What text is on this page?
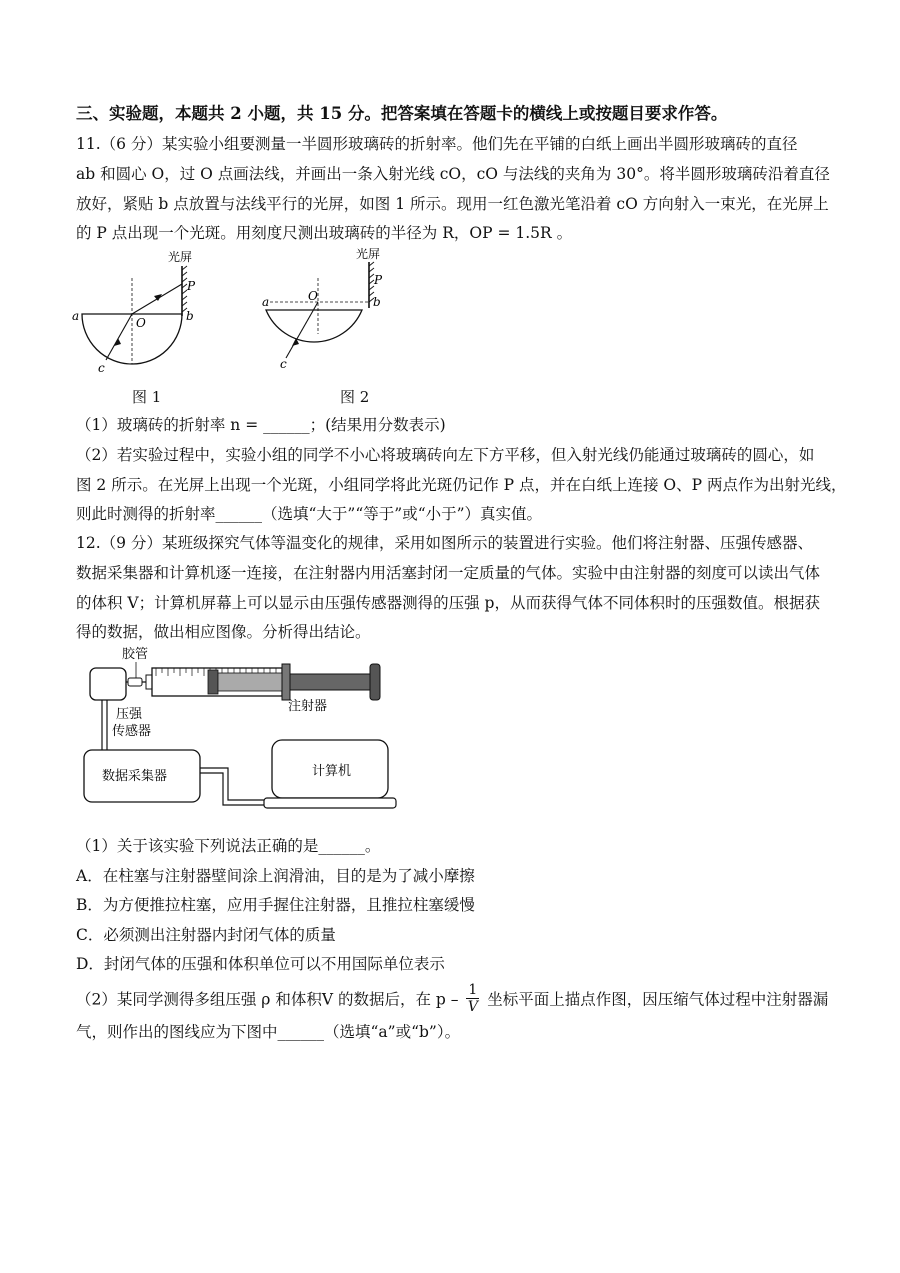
三、实验题，本题共 2 小题，共 15 分。把答案填在答题卡的横线上或按题目要求作答。
11.（6 分）某实验小组要测量一半圆形玻璃砖的折射率。他们先在平铺的白纸上画出半圆形玻璃砖的直径
ab 和圆心 O，过 O 点画法线，并画出一条入射光线 cO，cO 与法线的夹角为 30°。将半圆形玻璃砖沿着直径
放好，紧贴 b 点放置与法线平行的光屏，如图 1 所示。现用一红色激光笔沿着 cO 方向射入一束光，在光屏上
的 P 点出现一个光斑。用刻度尺测出玻璃砖的半径为 R，OP = 1.5R 。
光屏
a	b
O
P
c
图 1
光屏
a	b
O
P
c
图 2
（1）玻璃砖的折射率 n = ______；(结果用分数表示)
（2）若实验过程中，实验小组的同学不小心将玻璃砖向左下方平移，但入射光线仍能通过玻璃砖的圆心，如
图 2 所示。在光屏上出现一个光斑，小组同学将此光斑仍记作 P 点，并在白纸上连接 O、P 两点作为出射光线，
则此时测得的折射率______（选填“大于”“等于”或“小于”）真实值。
12.（9 分）某班级探究气体等温变化的规律，采用如图所示的装置进行实验。他们将注射器、压强传感器、
数据采集器和计算机逐一连接，在注射器内用活塞封闭一定质量的气体。实验中由注射器的刻度可以读出气体
的体积 V；计算机屏幕上可以显示由压强传感器测得的压强 p，从而获得气体不同体积时的压强数值。根据获
得的数据，做出相应图像。分析得出结论。
胶管
注射器
压强
传感器
数据采集器	计算机
（1）关于该实验下列说法正确的是______。
A．在柱塞与注射器壁间涂上润滑油，目的是为了减小摩擦
B．为方便推拉柱塞，应用手握住注射器，且推拉柱塞缓慢
C．必须测出注射器内封闭气体的质量
D．封闭气体的压强和体积单位可以不用国际单位表示
（2）某同学测得多组压强 ρ 和体积V 的数据后，在 p – $\frac{1}{V}$ 坐标平面上描点作图，因压缩气体过程中注射器漏
气，则作出的图线应为下图中______（选填“a”或“b”）。
